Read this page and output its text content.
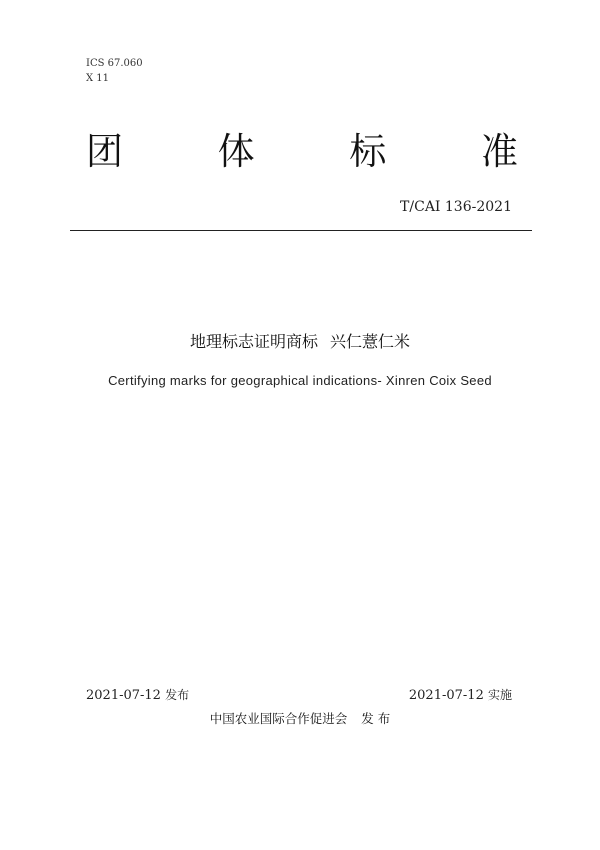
ICS 67.060
X 11
团	体	标	准
T/CAI 136-2021
地理标志证明商标 兴仁薏仁米
Certifying marks for geographical indications- Xinren Coix Seed
2021-07-12 发布	2021-07-12 实施
中国农业国际合作促进会 发 布
